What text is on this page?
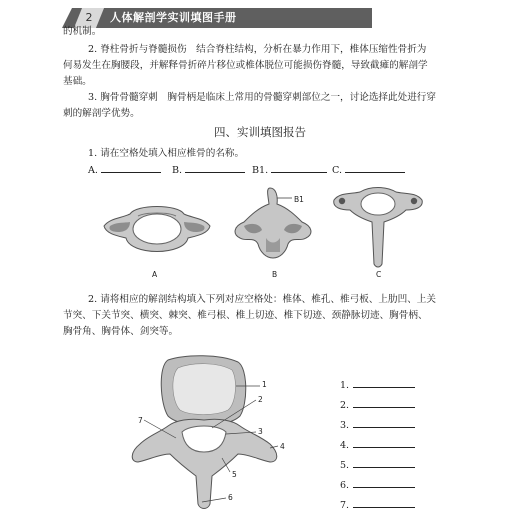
2	人体解剖学实训填图手册
的机制。
2. 脊柱骨折与脊髓损伤　结合脊柱结构，分析在暴力作用下，椎体压缩性骨折为
何易发生在胸腰段，并解释骨折碎片移位或椎体脱位可能损伤脊髓，导致截瘫的解剖学
基础。
3. 胸骨骨髓穿刺　胸骨柄是临床上常用的骨髓穿刺部位之一，讨论选择此处进行穿
刺的解剖学优势。
四、实训填图报告
1. 请在空格处填入相应椎骨的名称。
A.	B.	B1.	C.
A
B1
B	C
2. 请将相应的解剖结构填入下列对应空格处：椎体、椎孔、椎弓板、上肋凹、上关
节突、下关节突、横突、棘突、椎弓根、椎上切迹、椎下切迹、颈静脉切迹、胸骨柄、
胸骨角、胸骨体、剑突等。
1
2
3
4
5
6
7
1.
2.
3.
4.
5.
6.
7.
